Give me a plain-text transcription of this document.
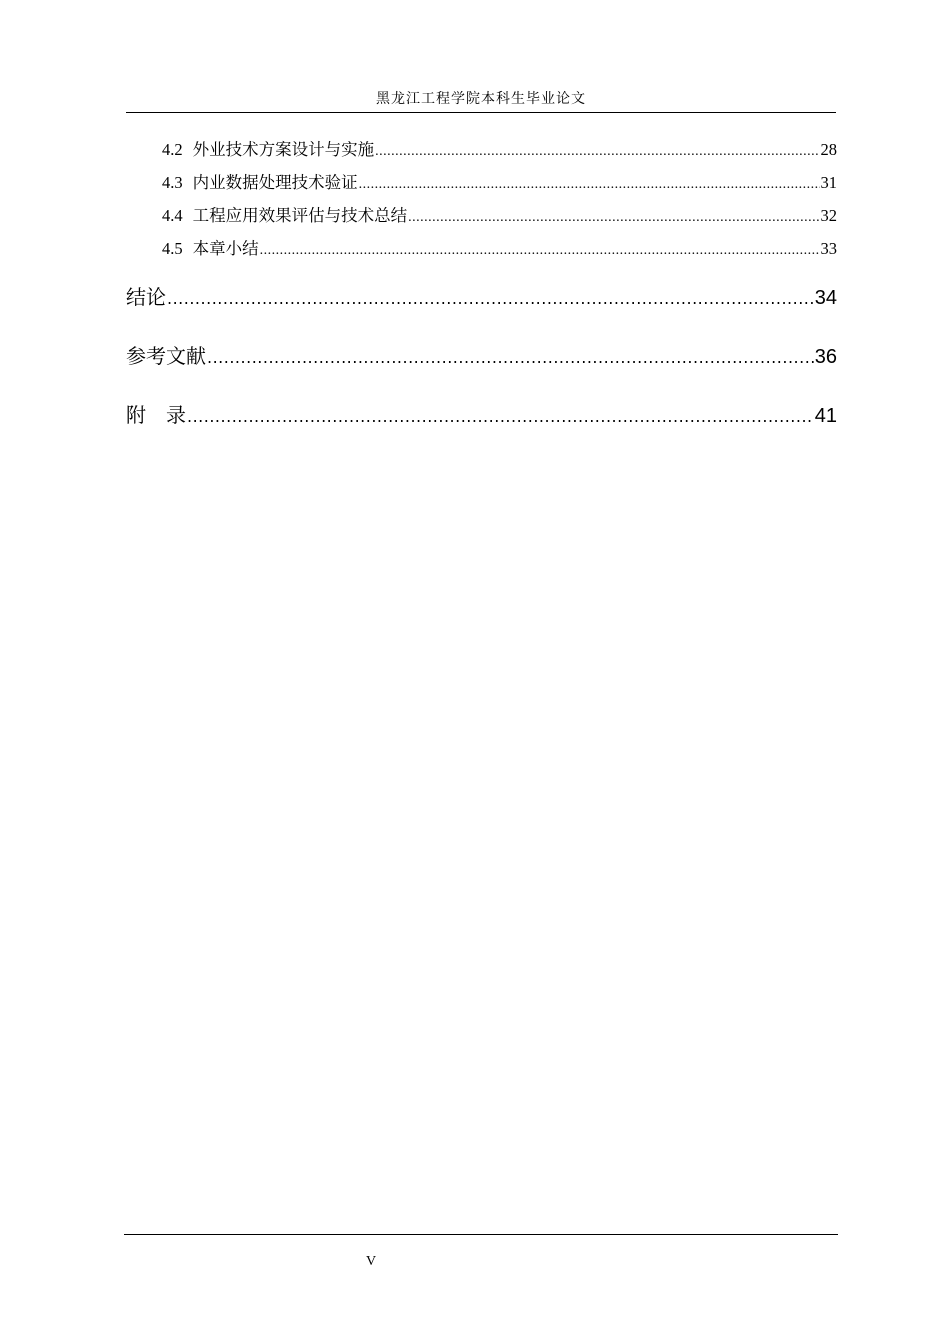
黑龙江工程学院本科生毕业论文
4.2 外业技术方案设计与实施 .....	28
4.3 内业数据处理技术验证 .....	31
4.4 工程应用效果评估与技术总结 .....	32
4.5 本章小结 .....	33
结论 .....	34
参考文献 .....	36
附　录 .....	41
V
